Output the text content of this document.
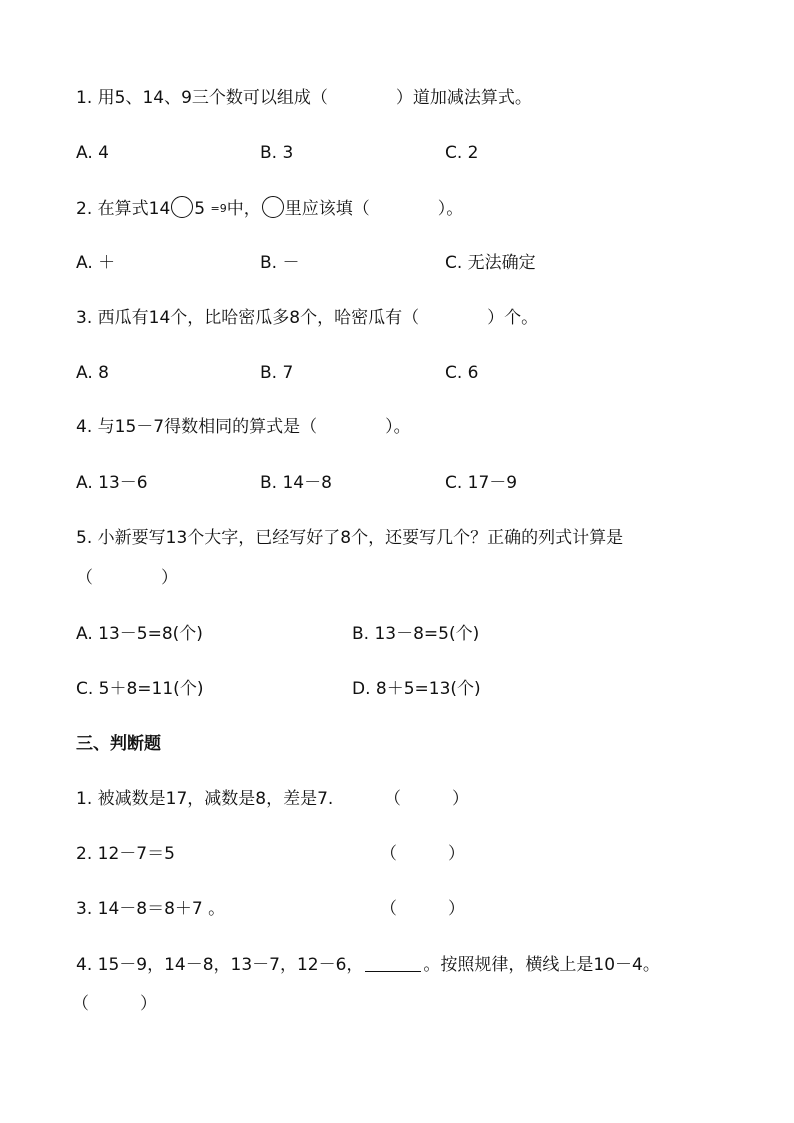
1. 用5、14、9三个数可以组成（　　　　）道加减法算式。
A. 4	B. 3	C. 2
2. 在算式14 5 =9中， 里应该填（　　　　）。
A. ＋	B. －	C. 无法确定
3. 西瓜有14个，比哈密瓜多8个，哈密瓜有（　　　　）个。
A. 8	B. 7	C. 6
4. 与15－7得数相同的算式是（　　　　）。
A. 13－6	B. 14－8	C. 17－9
5. 小新要写13个大字，已经写好了8个，还要写几个？正确的列式计算是
（　　　　）
A. 13－5=8(个)	B. 13－8=5(个)
C. 5＋8=11(个)	D. 8＋5=13(个)
三、判断题
1. 被减数是17，减数是8，差是7.	（　　　）
2. 12－7＝5	（　　　）
3. 14－8＝8＋7 。	（　　　）
4. 15－9，14－8，13－7，12－6，	。按照规律，横线上是10－4。
（　　　）
